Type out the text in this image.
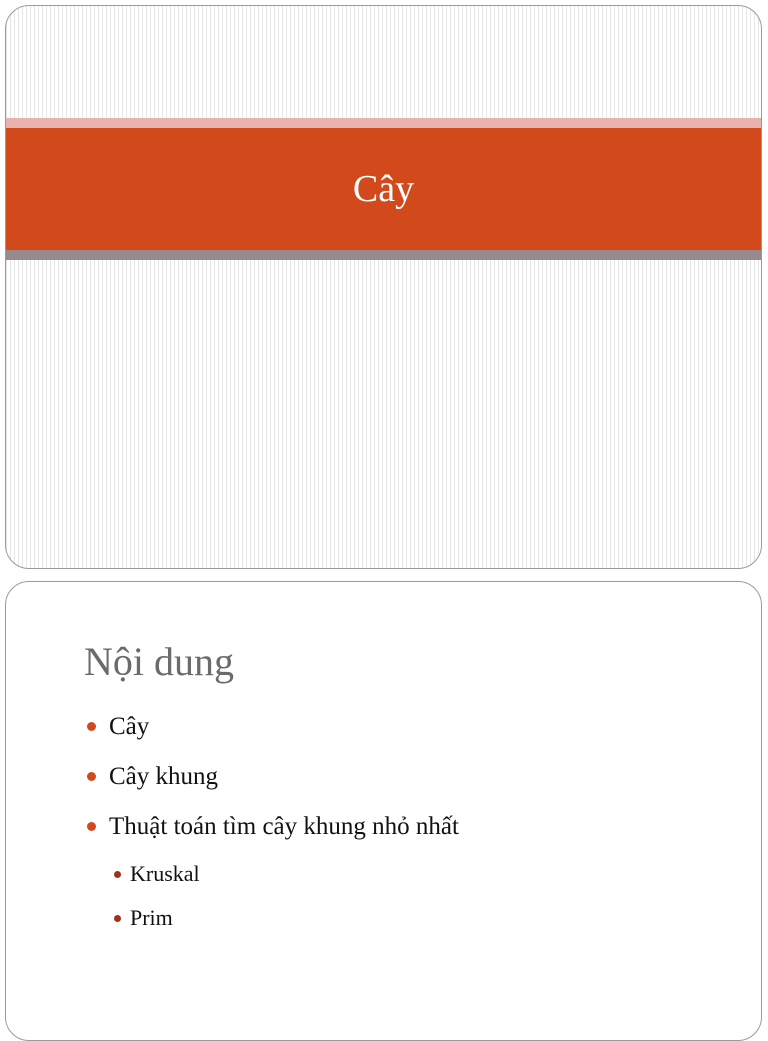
Cây
Nội dung
Cây
Cây khung
Thuật toán tìm cây khung nhỏ nhất
Kruskal
Prim
